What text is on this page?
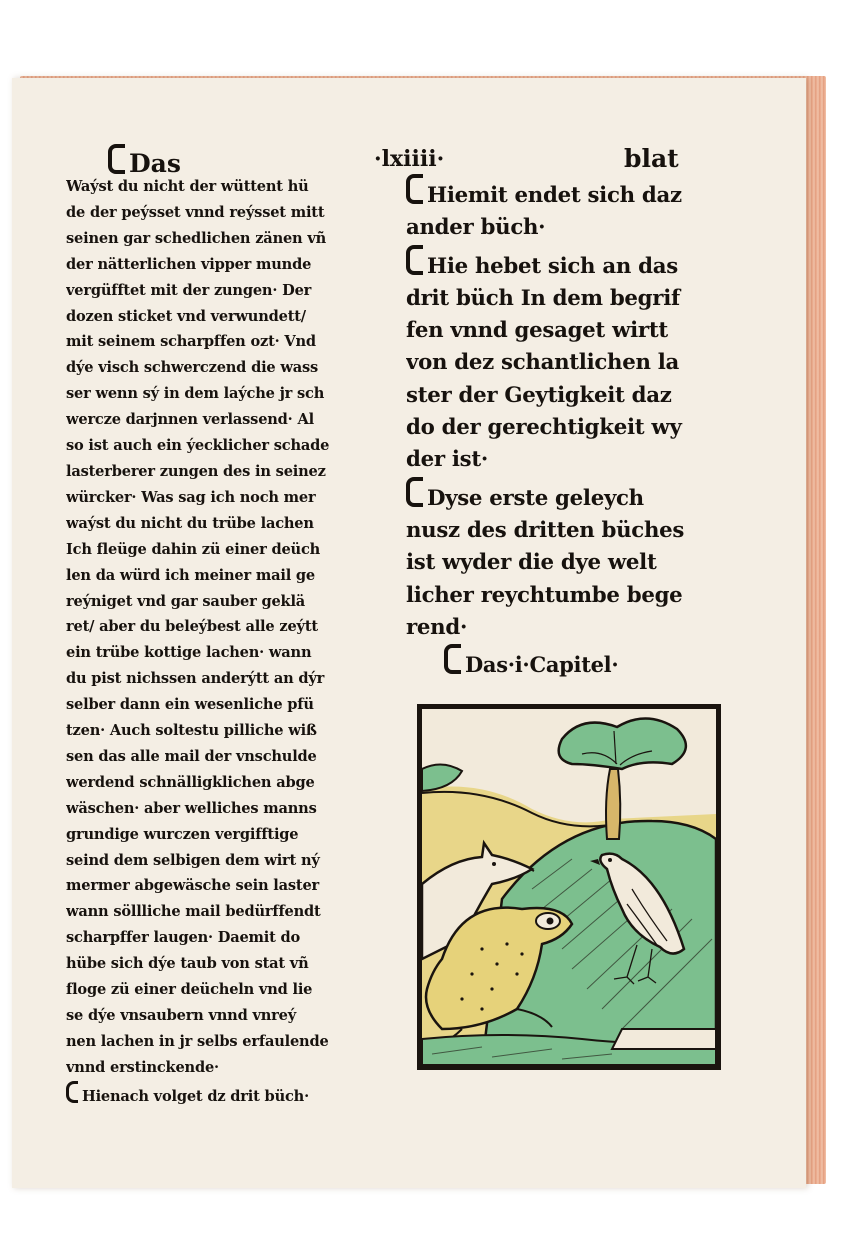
Das	·lxiiii·	blat
Waýst du nicht der wüttent hü
de der peýsset vnnd reýsset mitt
seinen gar schedlichen zänen vñ
der nätterlichen vipper munde
vergüfftet mit der zungen· Der
dozen sticket vnd verwundett/
mit seinem scharpffen ozt· Vnd
dýe visch schwerczend die wass
ser wenn sý in dem laýche jr sch
wercze darjnnen verlassend· Al
so ist auch ein ýecklicher schade
lasterberer zungen des in seinez
würcker· Was sag ich noch mer
waýst du nicht du trübe lachen
Ich fleüge dahin zü einer deüch
len da würd ich meiner mail ge
reýniget vnd gar sauber geklä
ret/ aber du beleýbest alle zeýtt
ein trübe kottige lachen· wann
du pist nichssen anderýtt an dýr
selber dann ein wesenliche pfü
tzen· Auch soltestu pilliche wiß
sen das alle mail der vnschulde
werdend schnälligklichen abge
wäschen· aber welliches manns
grundige wurczen vergifftige
seind dem selbigen dem wirt ný
mermer abgewäsche sein laster
wann söllliche mail bedürffendt
scharpffer laugen· Daemit do
hübe sich dýe taub von stat vñ
floge zü einer deücheln vnd lie
se dýe vnsaubern vnnd vnreý
nen lachen in jr selbs erfaulende
vnnd erstinckende·
Hienach volget dz drit büch·
Hiemit endet sich daz
ander büch·
Hie hebet sich an das
drit büch In dem begrif
fen vnnd gesaget wirtt
von dez schantlichen la
ster der Geytigkeit daz
do der gerechtigkeit wy
der ist·
Dyse erste geleych
nusz des dritten büches
ist wyder die dye welt
licher reychtumbe bege
rend·
Das·i·Capitel·
